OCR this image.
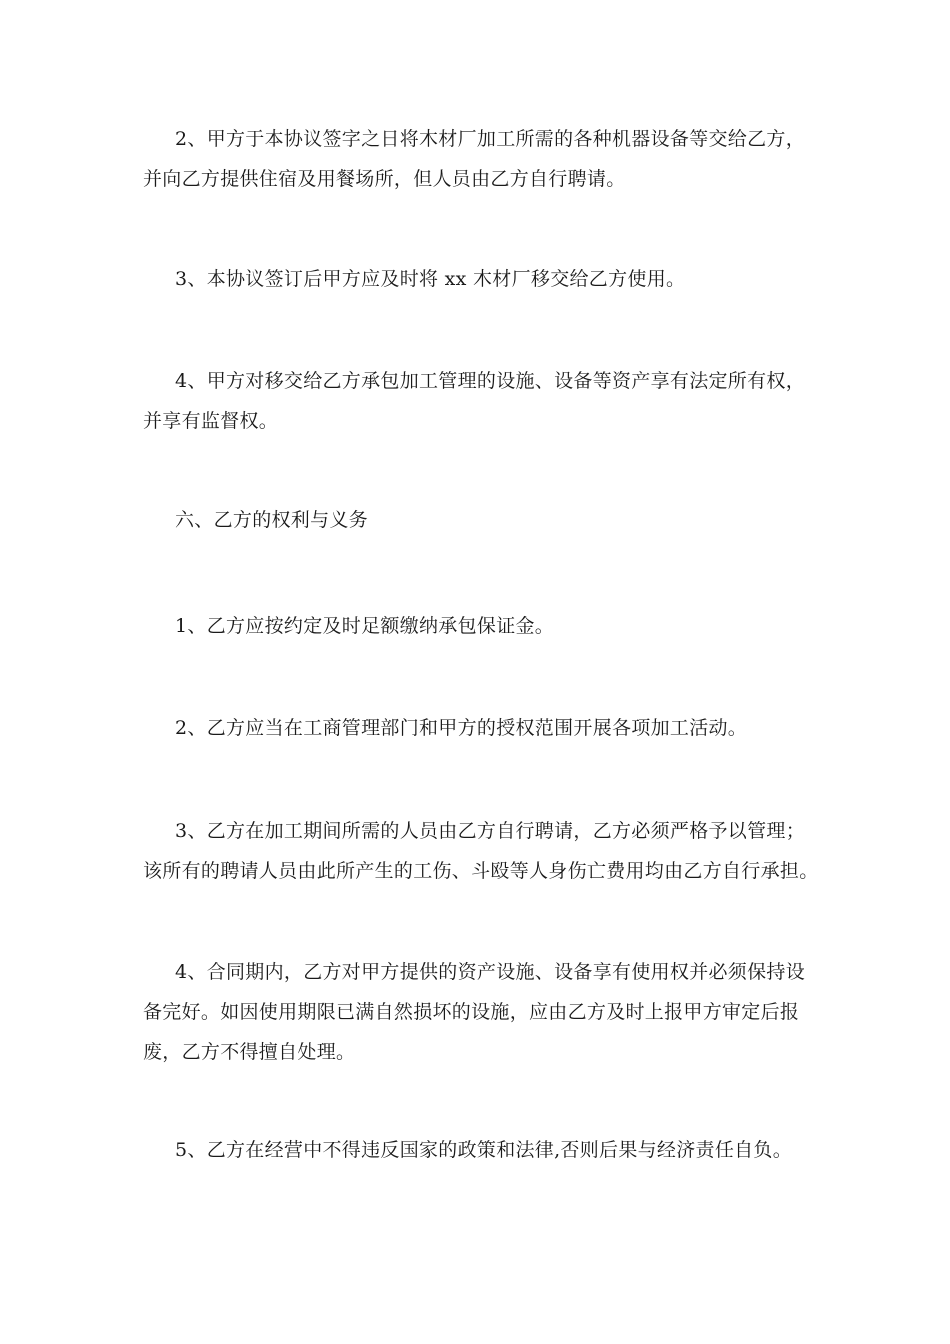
2、甲方于本协议签字之日将木材厂加工所需的各种机器设备等交给乙方，
并向乙方提供住宿及用餐场所，但人员由乙方自行聘请。
3、本协议签订后甲方应及时将 xx 木材厂移交给乙方使用。
4、甲方对移交给乙方承包加工管理的设施、设备等资产享有法定所有权，
并享有监督权。
六、乙方的权利与义务
1、乙方应按约定及时足额缴纳承包保证金。
2、乙方应当在工商管理部门和甲方的授权范围开展各项加工活动。
3、乙方在加工期间所需的人员由乙方自行聘请，乙方必须严格予以管理；
该所有的聘请人员由此所产生的工伤、斗殴等人身伤亡费用均由乙方自行承担。
4、合同期内，乙方对甲方提供的资产设施、设备享有使用权并必须保持设
备完好。如因使用期限已满自然损坏的设施，应由乙方及时上报甲方审定后报
废，乙方不得擅自处理。
5、乙方在经营中不得违反国家的政策和法律,否则后果与经济责任自负。
